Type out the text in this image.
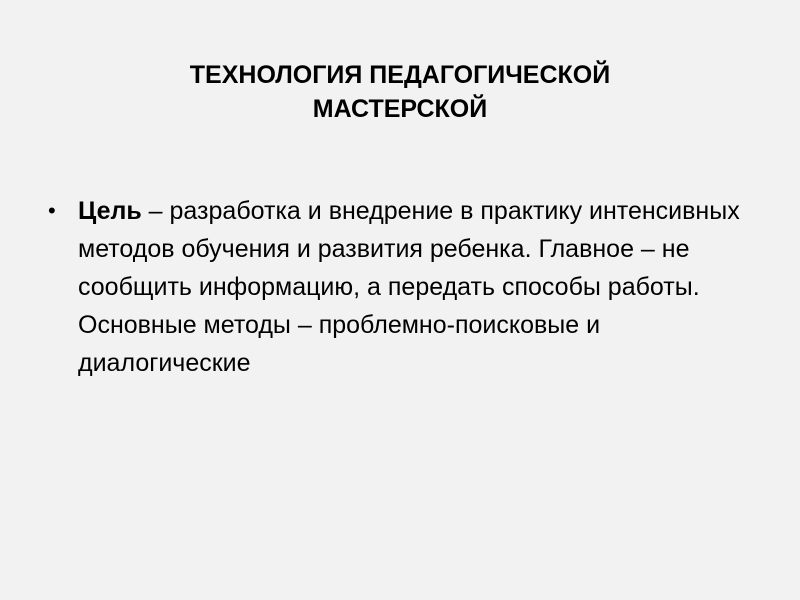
ТЕХНОЛОГИЯ ПЕДАГОГИЧЕСКОЙ
МАСТЕРСКОЙ
• Цель – разработка и внедрение в практику интенсивных методов обучения и развития ребенка. Главное – не сообщить информацию, а передать способы работы. Основные методы – проблемно-поисковые и диалогические
